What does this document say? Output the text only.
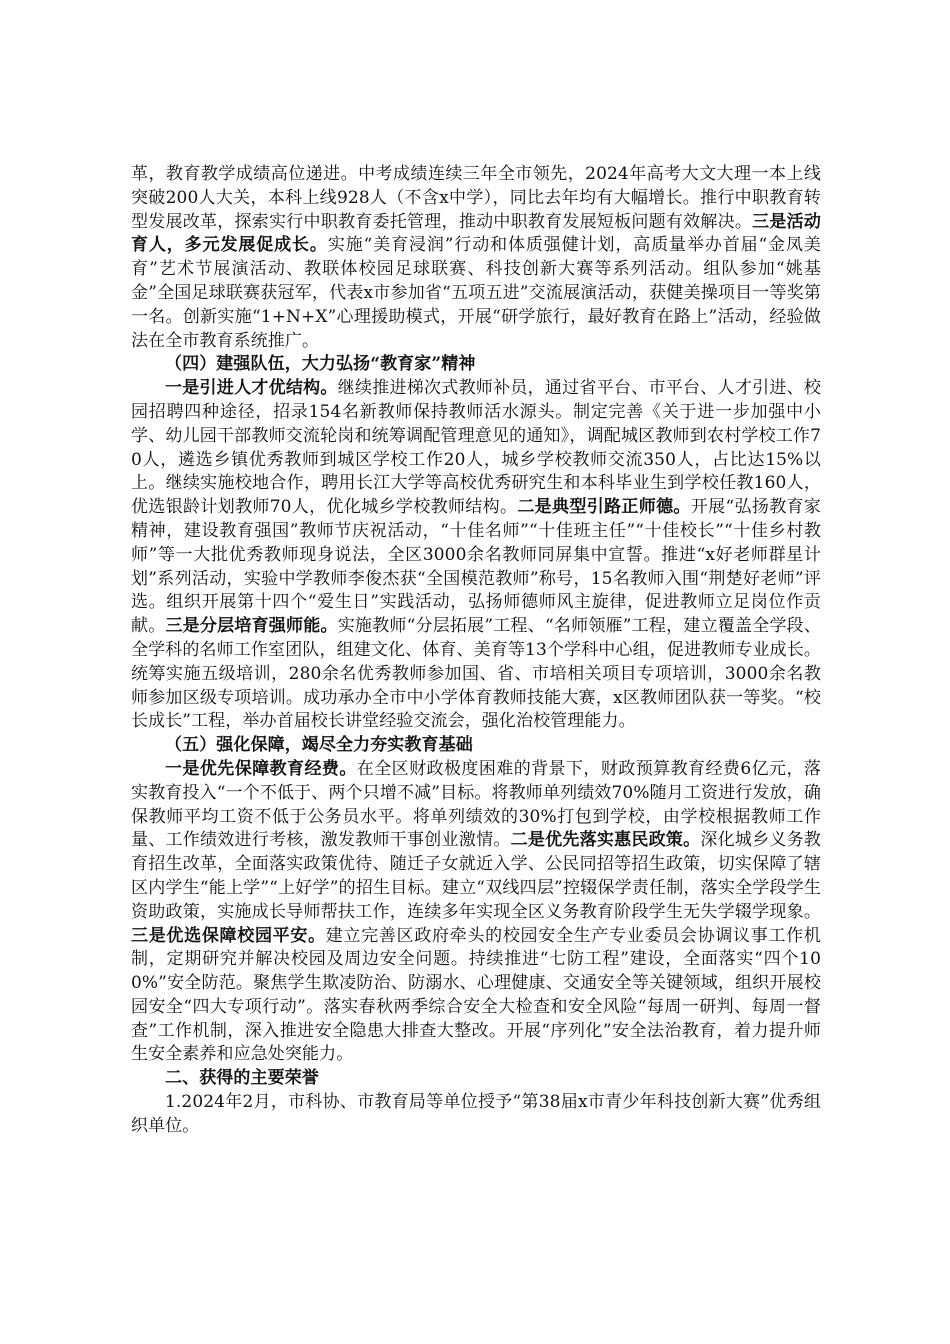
革，教育教学成绩高位递进。中考成绩连续三年全市领先，2024年高考大文大理一本上线突破200人大关，本科上线928人（不含x中学），同比去年均有大幅增长。推行中职教育转型发展改革，探索实行中职教育委托管理，推动中职教育发展短板问题有效解决。三是活动育人，多元发展促成长。实施“美育浸润”行动和体质强健计划，高质量举办首届“金凤美育”艺术节展演活动、教联体校园足球联赛、科技创新大赛等系列活动。组队参加“姚基金”全国足球联赛获冠军，代表x市参加省“五项五进”交流展演活动，获健美操项目一等奖第一名。创新实施“1+N+X”心理援助模式，开展“研学旅行，最好教育在路上”活动，经验做法在全市教育系统推广。

（四）建强队伍，大力弘扬“教育家”精神

一是引进人才优结构。继续推进梯次式教师补员，通过省平台、市平台、人才引进、校园招聘四种途径，招录154名新教师保持教师活水源头。制定完善《关于进一步加强中小学、幼儿园干部教师交流轮岗和统筹调配管理意见的通知》，调配城区教师到农村学校工作70人，遴选乡镇优秀教师到城区学校工作20人，城乡学校教师交流350人，占比达15%以上。继续实施校地合作，聘用长江大学等高校优秀研究生和本科毕业生到学校任教160人，优选银龄计划教师70人，优化城乡学校教师结构。二是典型引路正师德。开展“弘扬教育家精神，建设教育强国”教师节庆祝活动，“十佳名师”“十佳班主任”“十佳校长”“十佳乡村教师”等一大批优秀教师现身说法，全区3000余名教师同屏集中宣誓。推进“x好老师群星计划”系列活动，实验中学教师李俊杰获“全国模范教师”称号，15名教师入围“荆楚好老师”评选。组织开展第十四个“爱生日”实践活动，弘扬师德师风主旋律，促进教师立足岗位作贡献。三是分层培育强师能。实施教师“分层拓展”工程、“名师领雁”工程，建立覆盖全学段、全学科的名师工作室团队，组建文化、体育、美育等13个学科中心组，促进教师专业成长。统筹实施五级培训，280余名优秀教师参加国、省、市培相关项目专项培训，3000余名教师参加区级专项培训。成功承办全市中小学体育教师技能大赛，x区教师团队获一等奖。“校长成长”工程，举办首届校长讲堂经验交流会，强化治校管理能力。

（五）强化保障，竭尽全力夯实教育基础

一是优先保障教育经费。在全区财政极度困难的背景下，财政预算教育经费6亿元，落实教育投入“一个不低于、两个只增不减”目标。将教师单列绩效70%随月工资进行发放，确保教师平均工资不低于公务员水平。将单列绩效的30%打包到学校，由学校根据教师工作量、工作绩效进行考核，激发教师干事创业激情。二是优先落实惠民政策。深化城乡义务教育招生改革，全面落实政策优待、随迁子女就近入学、公民同招等招生政策，切实保障了辖区内学生“能上学”“上好学”的招生目标。建立“双线四层”控辍保学责任制，落实全学段学生资助政策，实施成长导师帮扶工作，连续多年实现全区义务教育阶段学生无失学辍学现象。三是优选保障校园平安。建立完善区政府牵头的校园安全生产专业委员会协调议事工作机制，定期研究并解决校园及周边安全问题。持续推进“七防工程”建设，全面落实“四个100%”安全防范。聚焦学生欺凌防治、防溺水、心理健康、交通安全等关键领域，组织开展校园安全“四大专项行动”。落实春秋两季综合安全大检查和安全风险“每周一研判、每周一督查”工作机制，深入推进安全隐患大排查大整改。开展“序列化”安全法治教育，着力提升师生安全素养和应急处突能力。

二、获得的主要荣誉

1.2024年2月，市科协、市教育局等单位授予“第38届x市青少年科技创新大赛”优秀组织单位。
